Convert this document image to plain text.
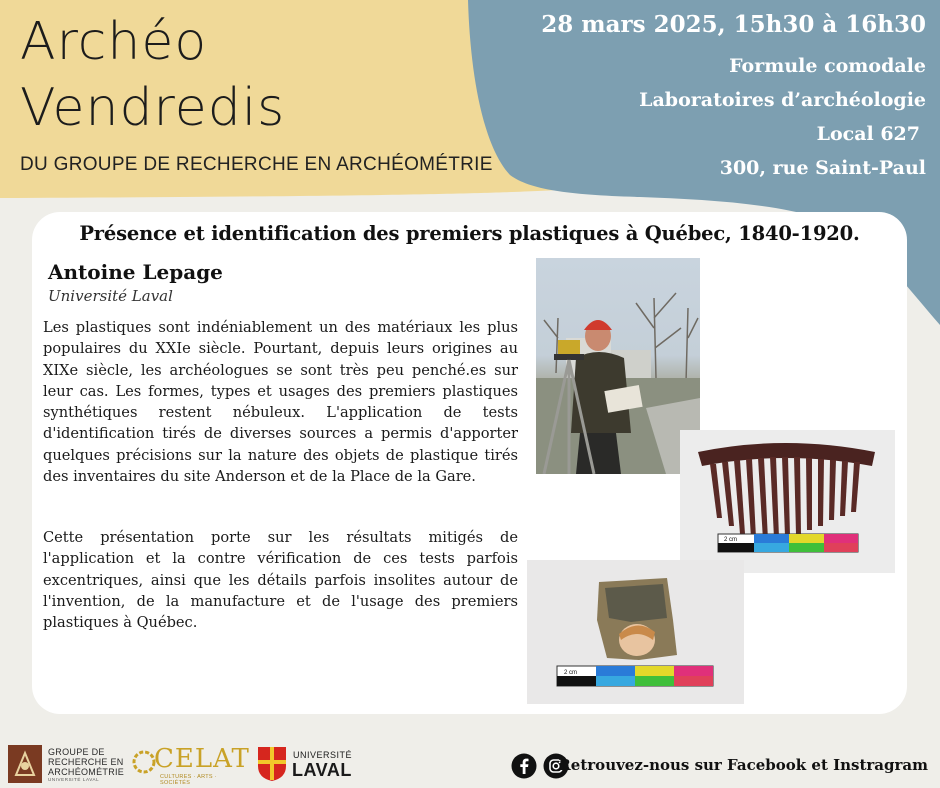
Archéo
Vendredis
DU GROUPE DE RECHERCHE EN ARCHÉOMÉTRIE
28 mars 2025, 15h30 à 16h30
Formule comodale
Laboratoires d’archéologie
Local 627
300, rue Saint-Paul
Présence et identification des premiers plastiques à Québec, 1840-1920.
Antoine Lepage
Université Laval
Les plastiques sont indéniablement un des matériaux les plus populaires du XXIe siècle. Pourtant, depuis leurs origines au XIXe siècle, les archéologues se sont très peu penché.es sur leur cas. Les formes, types et usages des premiers plastiques synthétiques restent nébuleux. L'application de tests d'identification tirés de diverses sources a permis d'apporter quelques précisions sur la nature des objets de plastique tirés des inventaires du site Anderson et de la Place de la Gare.
Cette présentation porte sur les résultats mitigés de l'application et la contre vérification de ces tests parfois excentriques, ainsi que les détails parfois insolites autour de l'invention, de la manufacture et de l'usage des premiers plastiques à Québec.
2 cm
2 cm
GROUPE DE RECHERCHE EN ARCHÉOMÉTRIE
UNIVERSITÉ LAVAL
CELAT
CULTURES · ARTS · SOCIÉTÉS
UNIVERSITÉ
LAVAL	Retrouvez-nous sur Facebook et Instragram
